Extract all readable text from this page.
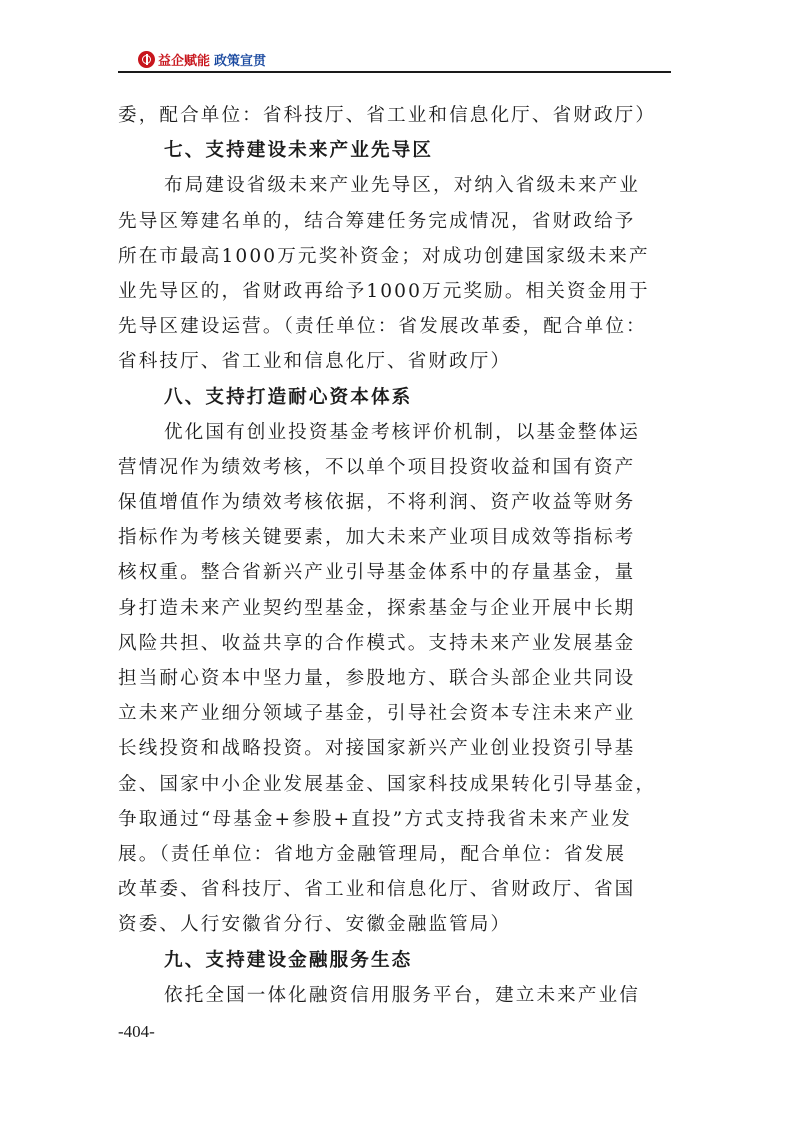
益企赋能 政策宣贯
委，配合单位：省科技厅、省工业和信息化厅、省财政厅）
七、支持建设未来产业先导区
布局建设省级未来产业先导区，对纳入省级未来产业
先导区筹建名单的，结合筹建任务完成情况，省财政给予
所在市最高1000万元奖补资金；对成功创建国家级未来产
业先导区的，省财政再给予1000万元奖励。相关资金用于
先导区建设运营。（责任单位：省发展改革委，配合单位：
省科技厅、省工业和信息化厅、省财政厅）
八、支持打造耐心资本体系
优化国有创业投资基金考核评价机制，以基金整体运
营情况作为绩效考核，不以单个项目投资收益和国有资产
保值增值作为绩效考核依据，不将利润、资产收益等财务
指标作为考核关键要素，加大未来产业项目成效等指标考
核权重。整合省新兴产业引导基金体系中的存量基金，量
身打造未来产业契约型基金，探索基金与企业开展中长期
风险共担、收益共享的合作模式。支持未来产业发展基金
担当耐心资本中坚力量，参股地方、联合头部企业共同设
立未来产业细分领域子基金，引导社会资本专注未来产业
长线投资和战略投资。对接国家新兴产业创业投资引导基
金、国家中小企业发展基金、国家科技成果转化引导基金，
争取通过“母基金+参股+直投”方式支持我省未来产业发
展。（责任单位：省地方金融管理局，配合单位：省发展
改革委、省科技厅、省工业和信息化厅、省财政厅、省国
资委、人行安徽省分行、安徽金融监管局）
九、支持建设金融服务生态
依托全国一体化融资信用服务平台，建立未来产业信
-404-
